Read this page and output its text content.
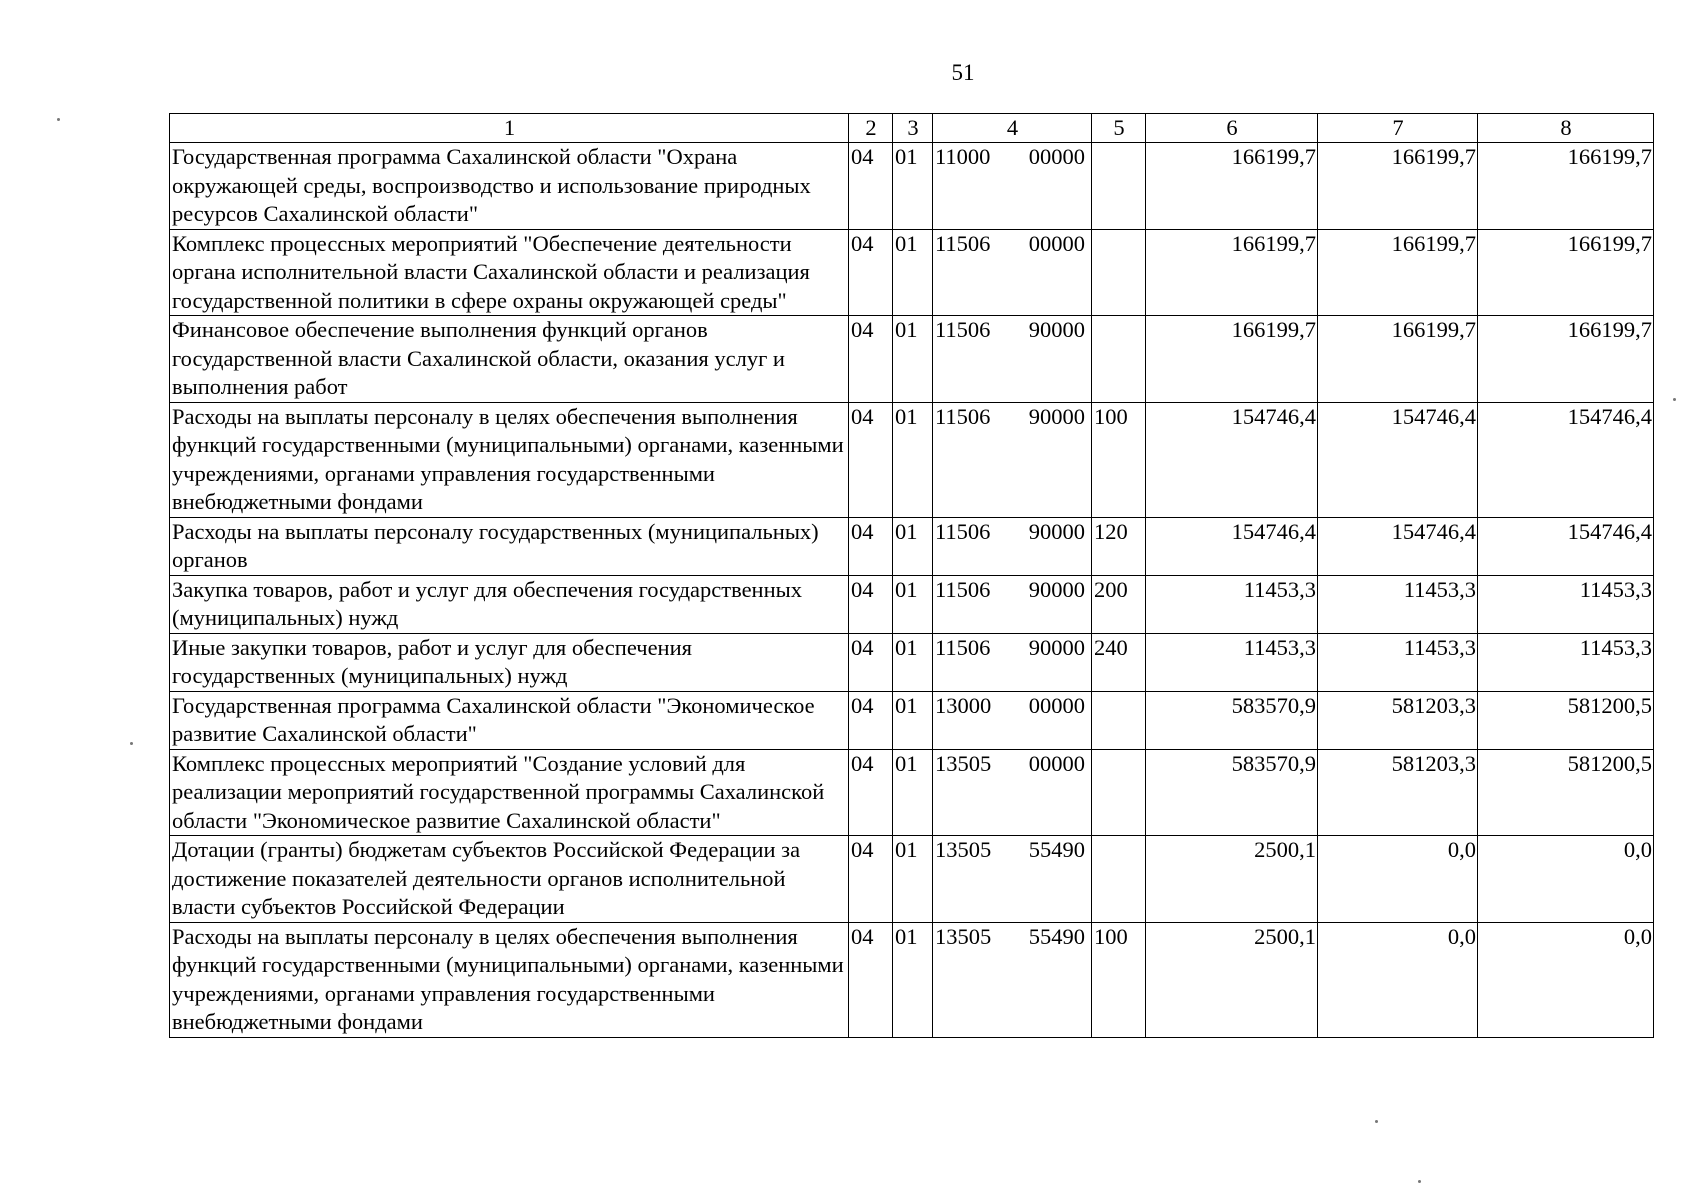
51
1	2	3	4	5	6	7	8
Государственная программа Сахалинской области "Охрана окружающей среды, воспроизводство и использование природных ресурсов Сахалинской области"	04	01	11000 00000		166199,7	166199,7	166199,7
Комплекс процессных мероприятий "Обеспечение деятельности органа исполнительной власти Сахалинской области и реализация государственной политики в сфере охраны окружающей среды"	04	01	11506 00000		166199,7	166199,7	166199,7
Финансовое обеспечение выполнения функций органов государственной власти Сахалинской области, оказания услуг и выполнения работ	04	01	11506 90000		166199,7	166199,7	166199,7
Расходы на выплаты персоналу в целях обеспечения выполнения функций государственными (муниципальными) органами, казенными учреждениями, органами управления государственными внебюджетными фондами	04	01	11506 90000	100	154746,4	154746,4	154746,4
Расходы на выплаты персоналу государственных (муниципальных) органов	04	01	11506 90000	120	154746,4	154746,4	154746,4
Закупка товаров, работ и услуг для обеспечения государственных (муниципальных) нужд	04	01	11506 90000	200	11453,3	11453,3	11453,3
Иные закупки товаров, работ и услуг для обеспечения государственных (муниципальных) нужд	04	01	11506 90000	240	11453,3	11453,3	11453,3
Государственная программа Сахалинской области "Экономическое развитие Сахалинской области"	04	01	13000 00000		583570,9	581203,3	581200,5
Комплекс процессных мероприятий "Создание условий для реализации мероприятий государственной программы Сахалинской области "Экономическое развитие Сахалинской области"	04	01	13505 00000		583570,9	581203,3	581200,5
Дотации (гранты) бюджетам субъектов Российской Федерации за достижение показателей деятельности органов исполнительной власти субъектов Российской Федерации	04	01	13505 55490		2500,1	0,0	0,0
Расходы на выплаты персоналу в целях обеспечения выполнения функций государственными (муниципальными) органами, казенными учреждениями, органами управления государственными внебюджетными фондами	04	01	13505 55490	100	2500,1	0,0	0,0
